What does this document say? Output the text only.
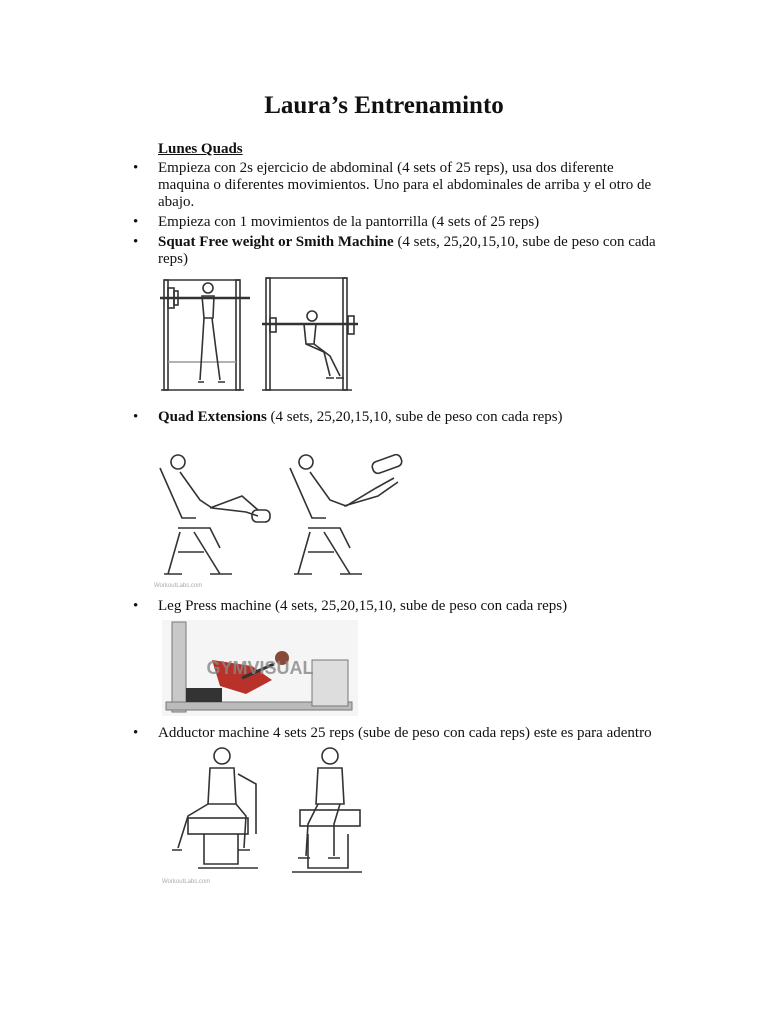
Laura’s Entrenaminto
Lunes Quads
• Empieza con 2s ejercicio de abdominal (4 sets of 25 reps), usa dos diferente maquina o diferentes movimientos. Uno para el abdominales de arriba y el otro de abajo.
• Empieza con 1 movimientos de la pantorrilla (4 sets of 25 reps)
• Squat Free weight or Smith Machine (4 sets, 25,20,15,10, sube de peso con cada reps)
• Quad Extensions (4 sets, 25,20,15,10, sube de peso con cada reps)
WorkoutLabs.com
• Leg Press machine (4 sets, 25,20,15,10, sube de peso con cada reps)
GYMVISUAL
• Adductor machine 4 sets 25 reps (sube de peso con cada reps) este es para adentro
WorkoutLabs.com
